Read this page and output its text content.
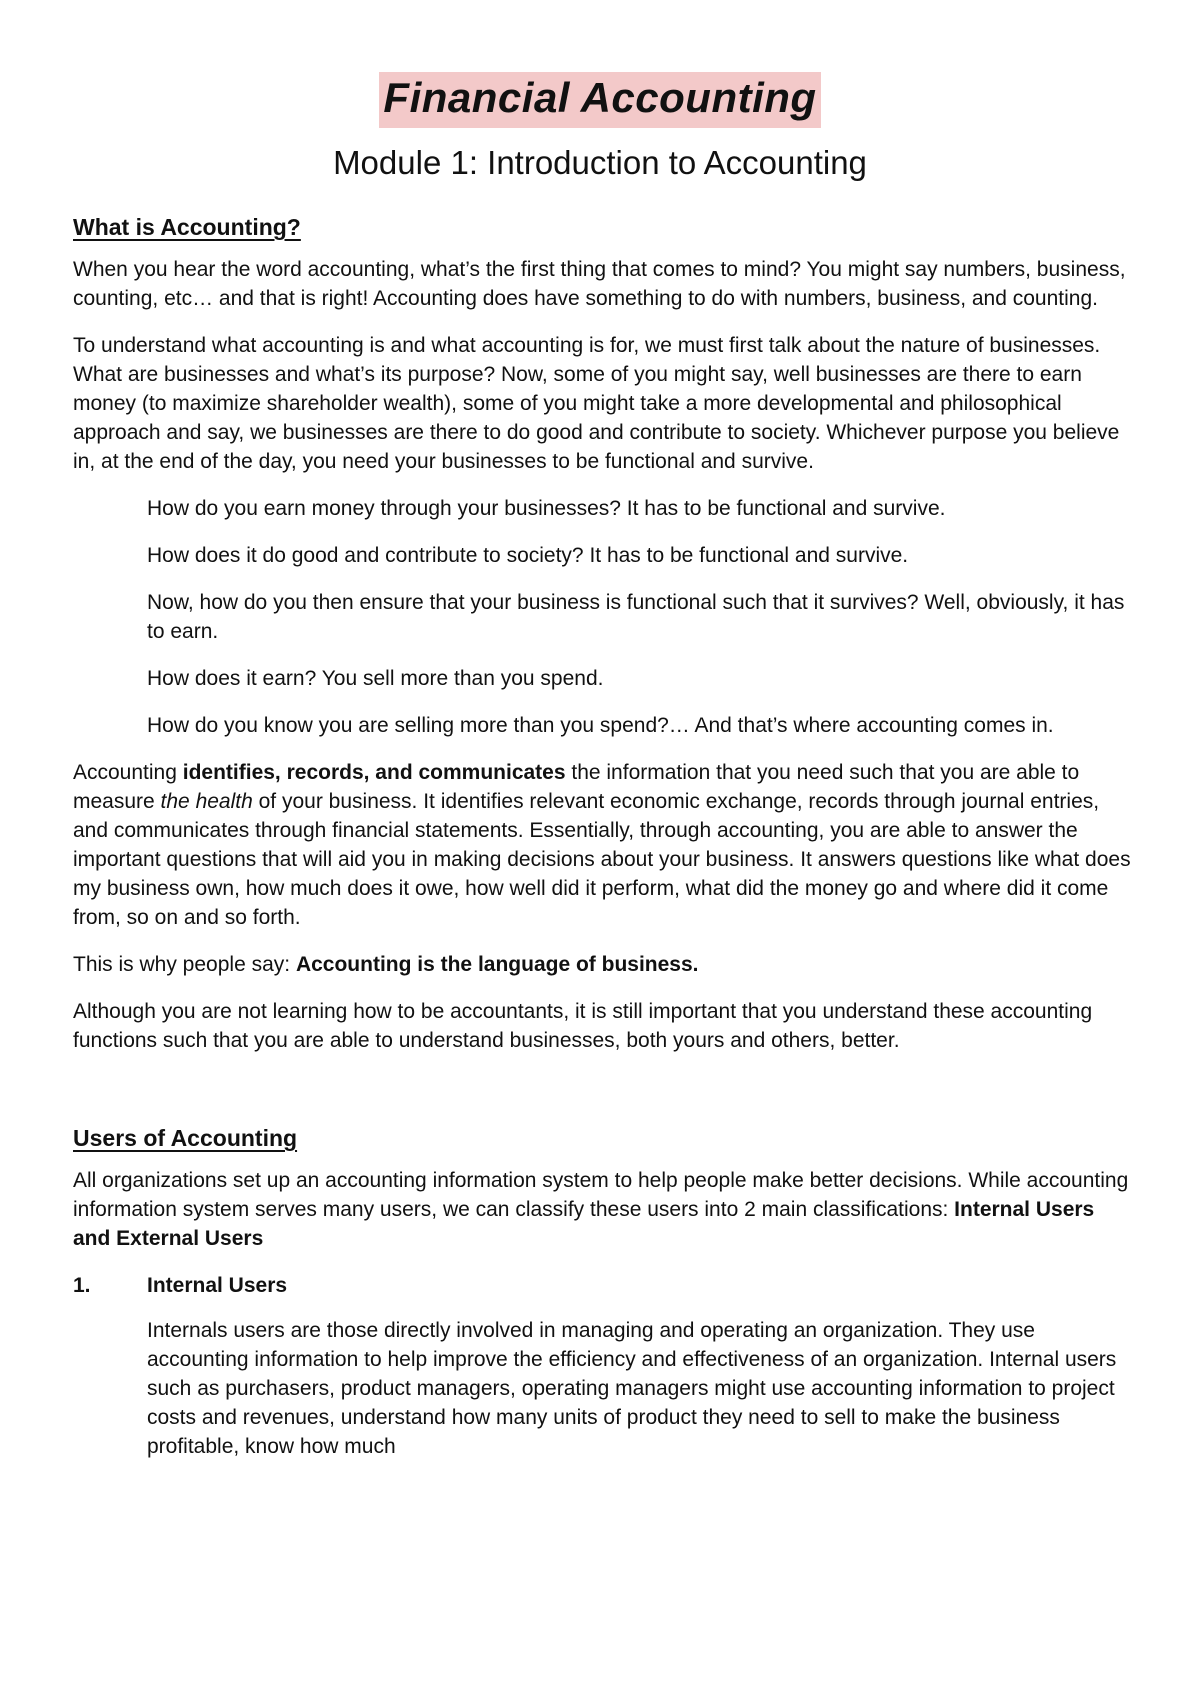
Financial Accounting
Module 1: Introduction to Accounting
What is Accounting?

When you hear the word accounting, what’s the first thing that comes to mind? You might say numbers, business, counting, etc… and that is right! Accounting does have something to do with numbers, business, and counting.

To understand what accounting is and what accounting is for, we must first talk about the nature of businesses. What are businesses and what’s its purpose? Now, some of you might say, well businesses are there to earn money (to maximize shareholder wealth), some of you might take a more developmental and philosophical approach and say, we businesses are there to do good and contribute to society. Whichever purpose you believe in, at the end of the day, you need your businesses to be functional and survive.

How do you earn money through your businesses? It has to be functional and survive.

How does it do good and contribute to society? It has to be functional and survive.

Now, how do you then ensure that your business is functional such that it survives? Well, obviously, it has to earn.

How does it earn? You sell more than you spend.

How do you know you are selling more than you spend?… And that’s where accounting comes in.

Accounting identifies, records, and communicates the information that you need such that you are able to measure the health of your business. It identifies relevant economic exchange, records through journal entries, and communicates through financial statements. Essentially, through accounting, you are able to answer the important questions that will aid you in making decisions about your business. It answers questions like what does my business own, how much does it owe, how well did it perform, what did the money go and where did it come from, so on and so forth.

This is why people say: Accounting is the language of business.

Although you are not learning how to be accountants, it is still important that you understand these accounting functions such that you are able to understand businesses, both yours and others, better.

Users of Accounting

All organizations set up an accounting information system to help people make better decisions. While accounting information system serves many users, we can classify these users into 2 main classifications: Internal Users and External Users

1.	Internal Users

Internals users are those directly involved in managing and operating an organization. They use accounting information to help improve the efficiency and effectiveness of an organization. Internal users such as purchasers, product managers, operating managers might use accounting information to project costs and revenues, understand how many units of product they need to sell to make the business profitable, know how much
